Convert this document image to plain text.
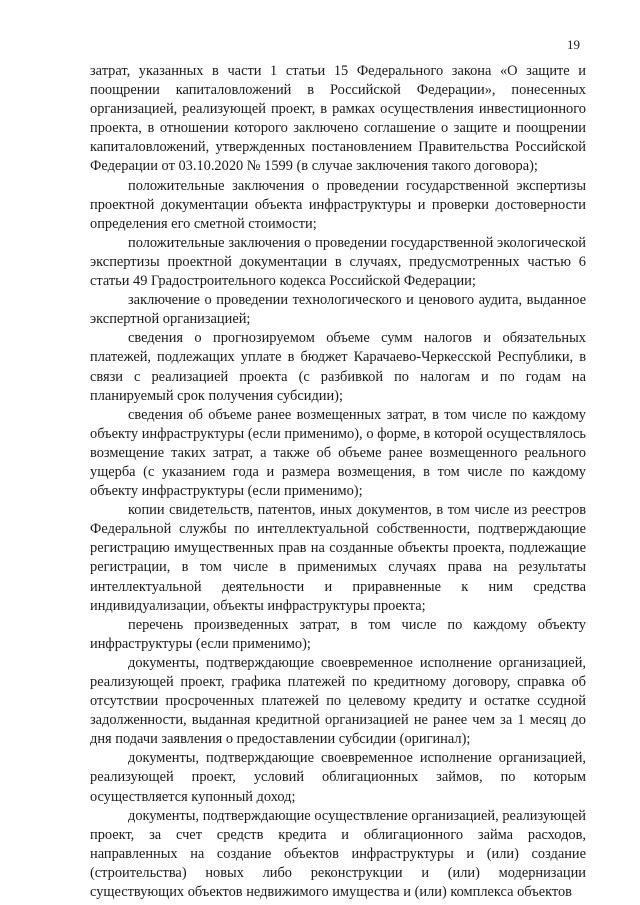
19

затрат, указанных в части 1 статьи 15 Федерального закона «О защите и поощрении капиталовложений в Российской Федерации», понесенных организацией, реализующей проект, в рамках осуществления инвестиционного проекта, в отношении которого заключено соглашение о защите и поощрении капиталовложений, утвержденных постановлением Правительства Российской Федерации от 03.10.2020 № 1599 (в случае заключения такого договора);

положительные заключения о проведении государственной экспертизы проектной документации объекта инфраструктуры и проверки достоверности определения его сметной стоимости;

положительные заключения о проведении государственной экологической экспертизы проектной документации в случаях, предусмотренных частью 6 статьи 49 Градостроительного кодекса Российской Федерации;

заключение о проведении технологического и ценового аудита, выданное экспертной организацией;

сведения о прогнозируемом объеме сумм налогов и обязательных платежей, подлежащих уплате в бюджет Карачаево-Черкесской Республики, в связи с реализацией проекта (с разбивкой по налогам и по годам на планируемый срок получения субсидии);

сведения об объеме ранее возмещенных затрат, в том числе по каждому объекту инфраструктуры (если применимо), о форме, в которой осуществлялось возмещение таких затрат, а также об объеме ранее возмещенного реального ущерба (с указанием года и размера возмещения, в том числе по каждому объекту инфраструктуры (если применимо);

копии свидетельств, патентов, иных документов, в том числе из реестров Федеральной службы по интеллектуальной собственности, подтверждающие регистрацию имущественных прав на созданные объекты проекта, подлежащие регистрации, в том числе в применимых случаях права на результаты интеллектуальной деятельности и приравненные к ним средства индивидуализации, объекты инфраструктуры проекта;

перечень произведенных затрат, в том числе по каждому объекту инфраструктуры (если применимо);

документы, подтверждающие своевременное исполнение организацией, реализующей проект, графика платежей по кредитному договору, справка об отсутствии просроченных платежей по целевому кредиту и остатке ссудной задолженности, выданная кредитной организацией не ранее чем за 1 месяц до дня подачи заявления о предоставлении субсидии (оригинал);

документы, подтверждающие своевременное исполнение организацией, реализующей проект, условий облигационных займов, по которым осуществляется купонный доход;

документы, подтверждающие осуществление организацией, реализующей проект, за счет средств кредита и облигационного займа расходов, направленных на создание объектов инфраструктуры и (или) создание (строительства) новых либо реконструкции и (или) модернизации существующих объектов недвижимого имущества и (или) комплекса объектов
